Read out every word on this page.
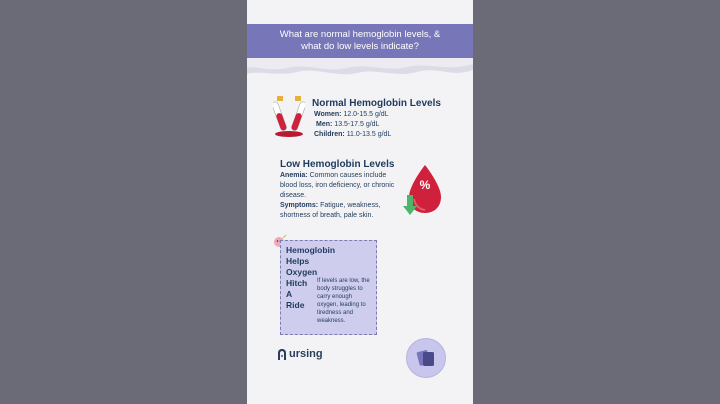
What are normal hemoglobin levels, &
what do low levels indicate?
Normal Hemoglobin Levels
Women: 12.0-15.5 g/dL
Men: 13.5-17.5 g/dL
Children: 11.0-13.5 g/dL
Low Hemoglobin Levels
Anemia: Common causes include blood loss, iron deficiency, or chronic disease.
Symptoms: Fatigue, weakness, shortness of breath, pale skin.
%
Hemoglobin
Helps
Oxygen
Hitch
A
Ride
If levels are low, the body struggles to carry enough oxygen, leading to tiredness and weakness.
ursing
